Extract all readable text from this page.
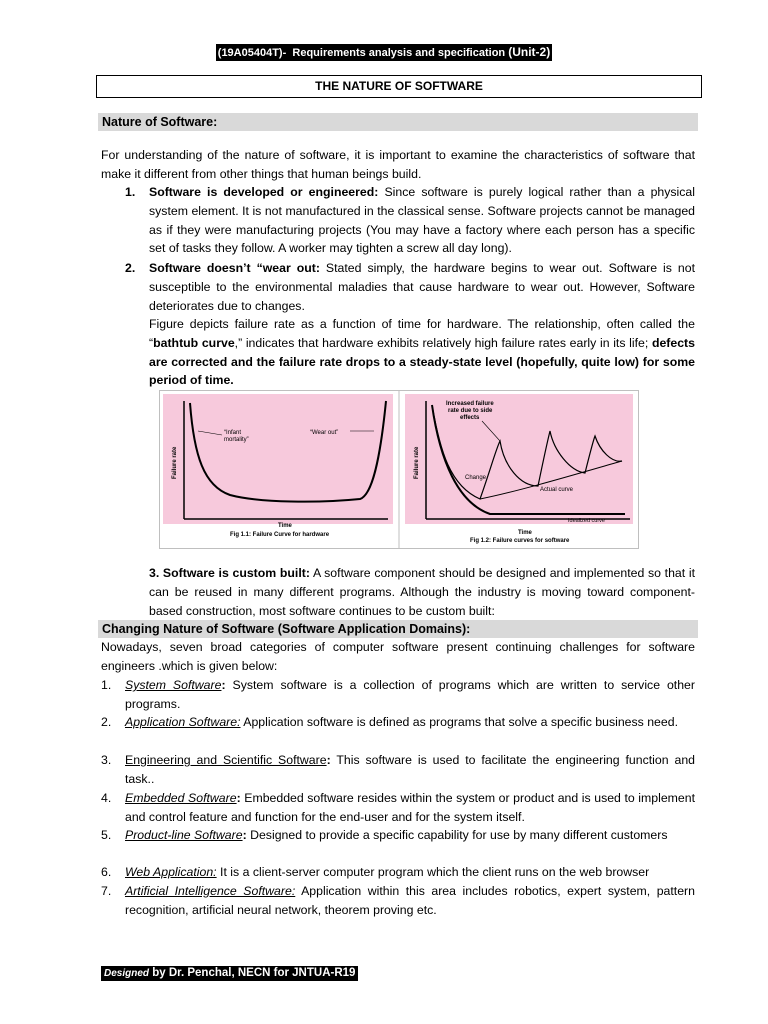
(19A05404T)- Requirements analysis and specification (Unit-2)
THE NATURE OF SOFTWARE
Nature of Software:
For understanding of the nature of software, it is important to examine the characteristics of software that make it different from other things that human beings build.
1. Software is developed or engineered: Since software is purely logical rather than a physical system element. It is not manufactured in the classical sense. Software projects cannot be managed as if they were manufacturing projects (You may have a factory where each person has a specific set of tasks they follow. A worker may tighten a screw all day long).
2. Software doesn’t “wear out: Stated simply, the hardware begins to wear out. Software is not susceptible to the environmental maladies that cause hardware to wear out. However, Software deteriorates due to changes.
Figure depicts failure rate as a function of time for hardware. The relationship, often called the “bathtub curve,” indicates that hardware exhibits relatively high failure rates early in its life; defects are corrected and the failure rate drops to a steady-state level (hopefully, quite low) for some period of time.
“Infant
mortality”
“Wear out”
Failure rate
Time
Fig 1.1: Failure Curve for hardware
Increased failure
rate due to side
effects
Change
Actual curve
Idealized curve
Failure rate
Time
Fig 1.2: Failure curves for software
3. Software is custom built: A software component should be designed and implemented so that it can be reused in many different programs. Although the industry is moving toward component-based construction, most software continues to be custom built:
Changing Nature of Software (Software Application Domains):
Nowadays, seven broad categories of computer software present continuing challenges for software engineers .which is given below:
1. System Software: System software is a collection of programs which are written to service other programs.
2. Application Software: Application software is defined as programs that solve a specific business need.
3. Engineering and Scientific Software: This software is used to facilitate the engineering function and task..
4. Embedded Software: Embedded software resides within the system or product and is used to implement and control feature and function for the end-user and for the system itself.
5. Product-line Software: Designed to provide a specific capability for use by many different customers
6. Web Application: It is a client-server computer program which the client runs on the web browser
7. Artificial Intelligence Software: Application within this area includes robotics, expert system, pattern recognition, artificial neural network, theorem proving etc.
Designed by Dr. Penchal, NECN for JNTUA-R19
